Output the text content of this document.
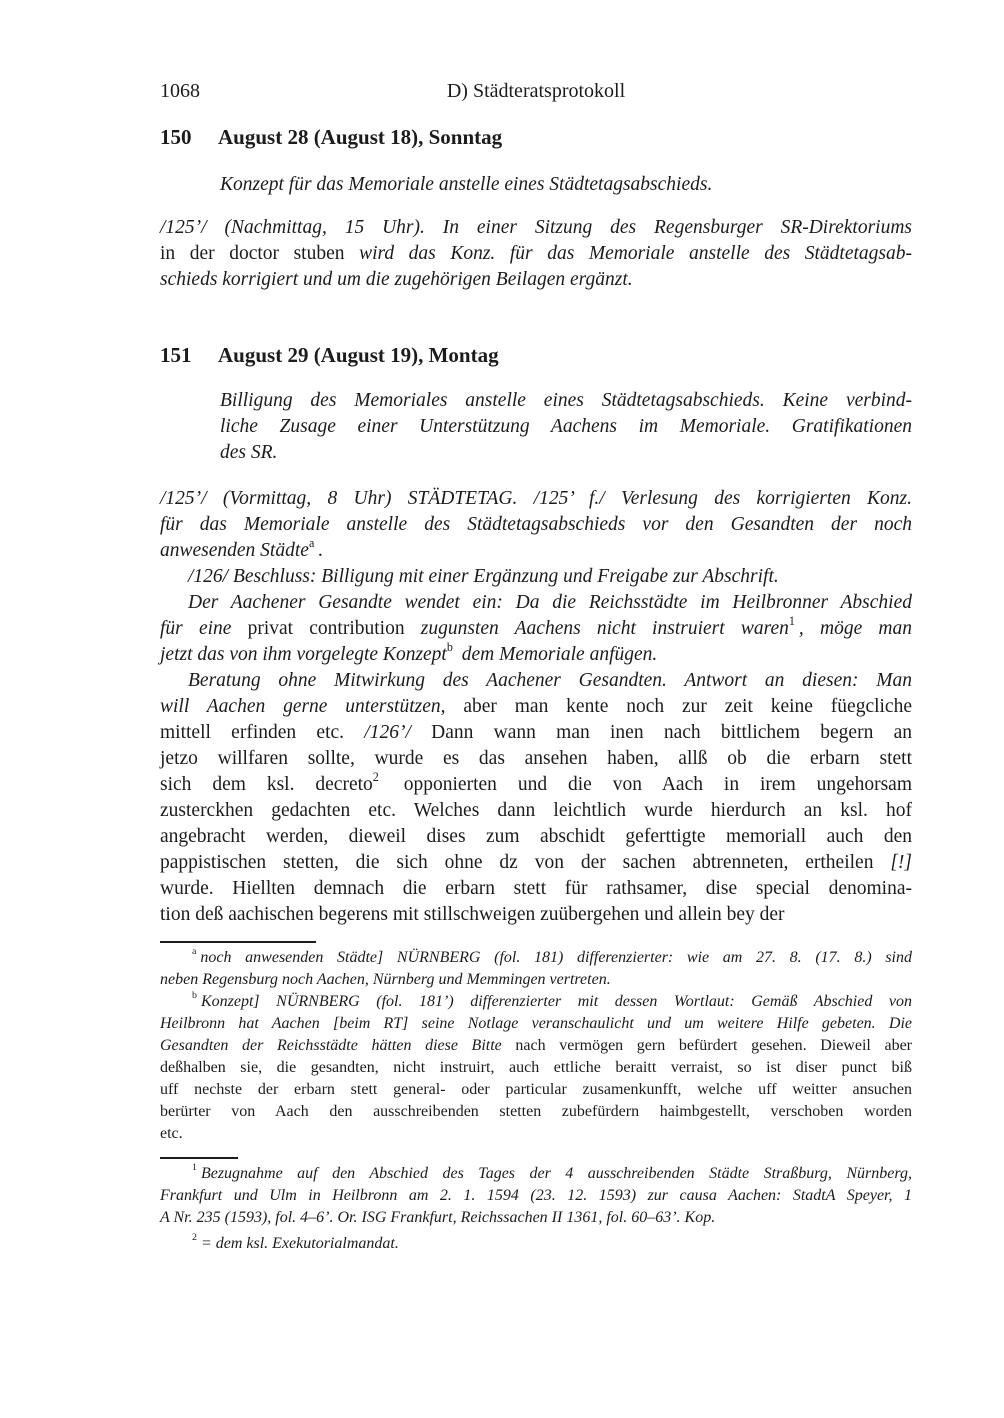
1068	D) Städteratsprotokoll
150	August 28 (August 18), Sonntag
Konzept für das Memoriale anstelle eines Städtetagsabschieds.
/125’/ (Nachmittag, 15 Uhr). In einer Sitzung des Regensburger SR-Direktoriums
in der doctor stuben wird das Konz. für das Memoriale anstelle des Städtetagsab-
schieds korrigiert und um die zugehörigen Beilagen ergänzt.
151	August 29 (August 19), Montag
Billigung des Memoriales anstelle eines Städtetagsabschieds. Keine verbind-
liche Zusage einer Unterstützung Aachens im Memoriale. Gratifikationen
des SR.
/125’/ (Vormittag, 8 Uhr) STÄDTETAG. /125’ f./ Verlesung des korrigierten Konz.
für das Memoriale anstelle des Städtetagsabschieds vor den Gesandten der noch
anwesenden Städte$^a$ .
/126/ Beschluss: Billigung mit einer Ergänzung und Freigabe zur Abschrift.
Der Aachener Gesandte wendet ein: Da die Reichsstädte im Heilbronner Abschied
für eine privat contribution zugunsten Aachens nicht instruiert waren$^1$ , möge man
jetzt das von ihm vorgelegte Konzept$^b$ dem Memoriale anfügen.
Beratung ohne Mitwirkung des Aachener Gesandten. Antwort an diesen: Man
will Aachen gerne unterstützen, aber man kente noch zur zeit keine füegcliche
mittell erfinden etc. /126’/ Dann wann man inen nach bittlichem begern an
jetzo willfaren sollte, wurde es das ansehen haben, allß ob die erbarn stett
sich dem ksl. decreto$^2$ opponierten und die von Aach in irem ungehorsam
zusterckhen gedachten etc. Welches dann leichtlich wurde hierdurch an ksl. hof
angebracht werden, dieweil dises zum abschidt geferttigte memoriall auch den
pappistischen stetten, die sich ohne dz von der sachen abtrenneten, ertheilen [!]
wurde. Hiellten demnach die erbarn stett für rathsamer, dise special denomina-
tion deß aachischen begerens mit stillschweigen zuübergehen und allein bey der
$^a$ noch anwesenden Städte] NÜRNBERG (fol. 181) differenzierter: wie am 27. 8. (17. 8.) sind
neben Regensburg noch Aachen, Nürnberg und Memmingen vertreten.
$^b$ Konzept] NÜRNBERG (fol. 181’) differenzierter mit dessen Wortlaut: Gemäß Abschied von
Heilbronn hat Aachen [beim RT] seine Notlage veranschaulicht und um weitere Hilfe gebeten. Die
Gesandten der Reichsstädte hätten diese Bitte nach vermögen gern befürdert gesehen. Dieweil aber
deßhalben sie, die gesandten, nicht instruirt, auch ettliche beraitt verraist, so ist diser punct biß
uff nechste der erbarn stett general- oder particular zusamenkunfft, welche uff weitter ansuchen
berürter von Aach den ausschreibenden stetten zubefürdern haimbgestellt, verschoben worden
etc.
$^1$ Bezugnahme auf den Abschied des Tages der 4 ausschreibenden Städte Straßburg, Nürnberg,
Frankfurt und Ulm in Heilbronn am 2. 1. 1594 (23. 12. 1593) zur causa Aachen: StadtA Speyer, 1
A Nr. 235 (1593), fol. 4–6’. Or. ISG Frankfurt, Reichssachen II 1361, fol. 60–63’. Kop.
$^2$ = dem ksl. Exekutorialmandat.
